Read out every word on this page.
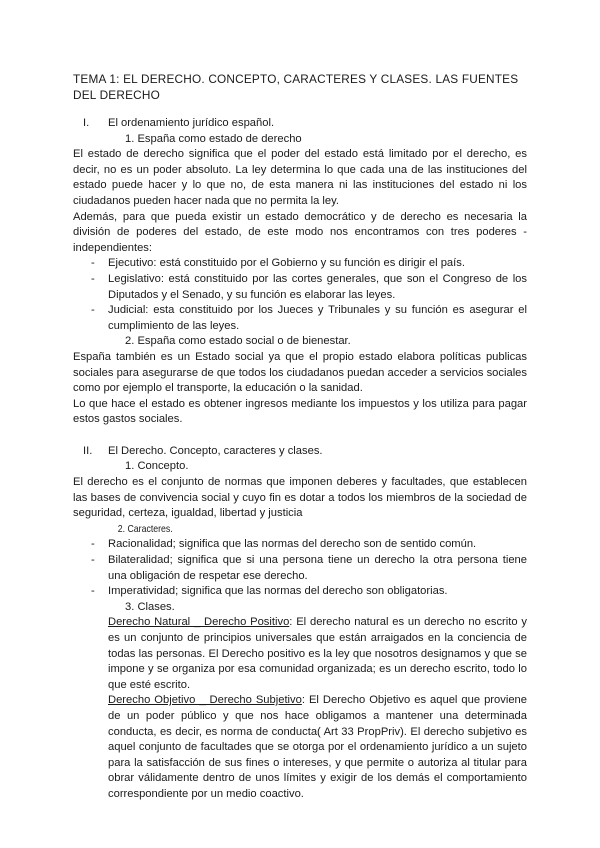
TEMA 1: EL DERECHO. CONCEPTO, CARACTERES Y CLASES. LAS FUENTES DEL DERECHO
I. El ordenamiento jurídico español.
1. España como estado de derecho

El estado de derecho significa que el poder del estado está limitado por el derecho, es decir, no es un poder absoluto. La ley determina lo que cada una de las instituciones del estado puede hacer y lo que no, de esta manera ni las instituciones del estado ni los ciudadanos pueden hacer nada que no permita la ley.

Además, para que pueda existir un estado democrático y de derecho es necesaria la división de poderes del estado, de este modo nos encontramos con tres poderes - independientes:

- Ejecutivo: está constituido por el Gobierno y su función es dirigir el país.
- Legislativo: está constituido por las cortes generales, que son el Congreso de los Diputados y el Senado, y su función es elaborar las leyes.
- Judicial: esta constituido por los Jueces y Tribunales y su función es asegurar el cumplimiento de las leyes.
2. España como estado social o de bienestar.

España también es un Estado social ya que el propio estado elabora políticas publicas sociales para asegurarse de que todos los ciudadanos puedan acceder a servicios sociales como por ejemplo el transporte, la educación o la sanidad.

Lo que hace el estado es obtener ingresos mediante los impuestos y los utiliza para pagar estos gastos sociales.

II. El Derecho. Concepto, caracteres y clases.
1. Concepto.

El derecho es el conjunto de normas que imponen deberes y facultades, que establecen las bases de convivencia social y cuyo fin es dotar a todos los miembros de la sociedad de seguridad, certeza, igualdad, libertad y justicia

2. Caracteres.
- Racionalidad; significa que las normas del derecho son de sentido común.
- Bilateralidad; significa que si una persona tiene un derecho la otra persona tiene una obligación de respetar ese derecho.
- Imperatividad; significa que las normas del derecho son obligatorias.
3. Clases.

Derecho Natural _ Derecho Positivo: El derecho natural es un derecho no escrito y es un conjunto de principios universales que están arraigados en la conciencia de todas las personas. El Derecho positivo es la ley que nosotros designamos y que se impone y se organiza por esa comunidad organizada; es un derecho escrito, todo lo que esté escrito.

Derecho Objetivo _ Derecho Subjetivo: El Derecho Objetivo es aquel que proviene de un poder público y que nos hace obligamos a mantener una determinada conducta, es decir, es norma de conducta( Art 33 PropPriv). El derecho subjetivo es aquel conjunto de facultades que se otorga por el ordenamiento jurídico a un sujeto para la satisfacción de sus fines o intereses, y que permite o autoriza al titular para obrar válidamente dentro de unos límites y exigir de los demás el comportamiento correspondiente por un medio coactivo.
